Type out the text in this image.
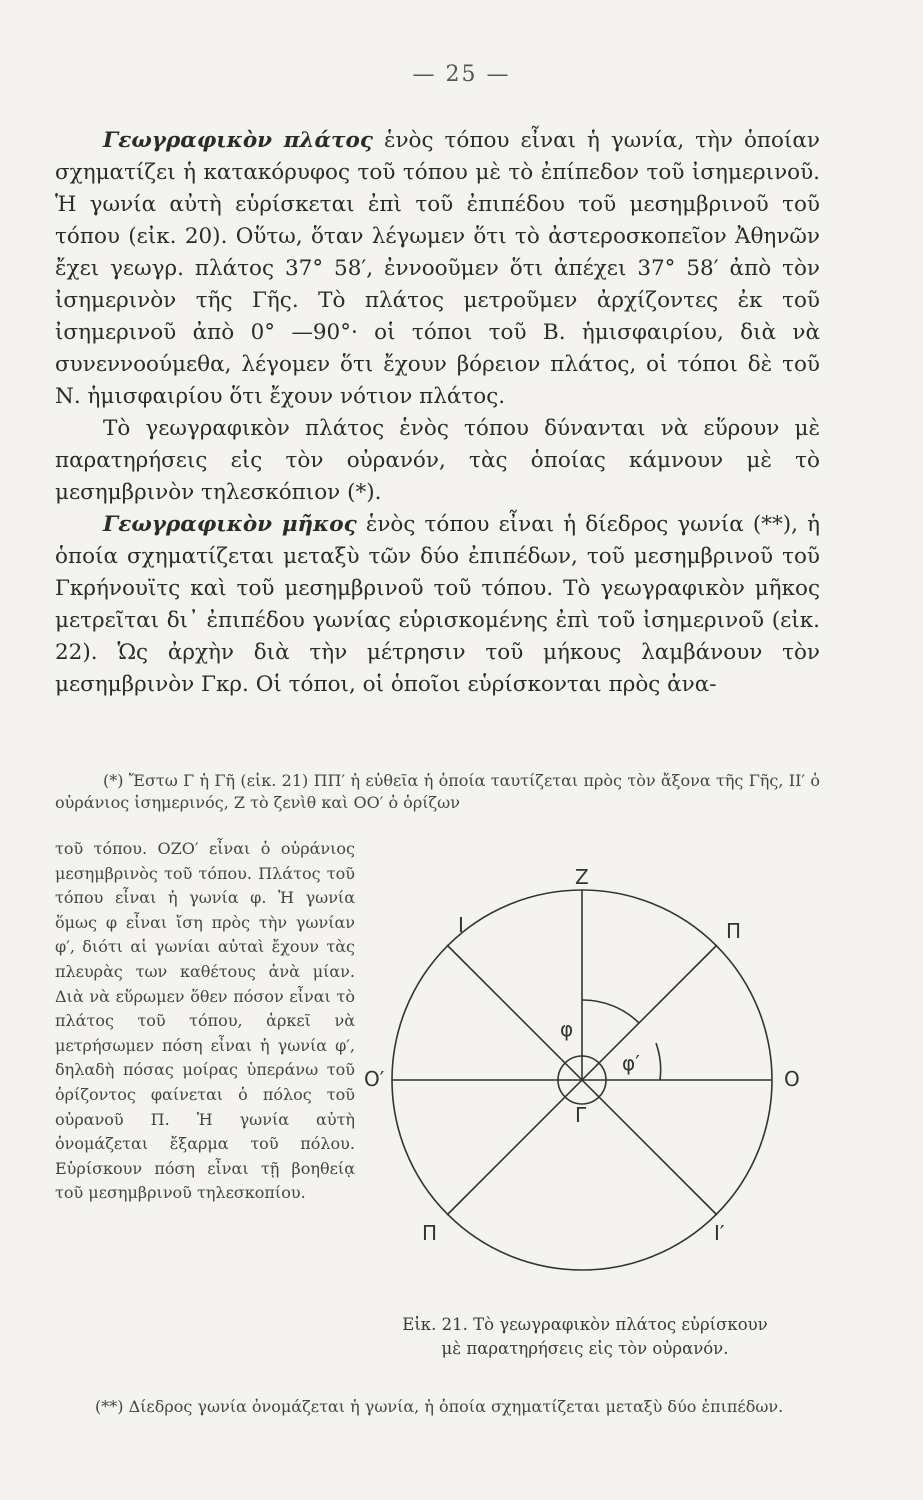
— 25 —

Γεωγραφικὸν πλάτος ἑνὸς τόπου εἶναι ἡ γωνία, τὴν ὁποίαν σχηματίζει ἡ κατακόρυφος τοῦ τόπου μὲ τὸ ἐπίπεδον τοῦ ἰσημερινοῦ. Ἡ γωνία αὐτὴ εὑρίσκεται ἐπὶ τοῦ ἐπιπέδου τοῦ μεσημβρινοῦ τοῦ τόπου (εἰκ. 20). Οὕτω, ὅταν λέγωμεν ὅτι τὸ ἀστεροσκοπεῖον Ἀθηνῶν ἔχει γεωγρ. πλάτος 37° 58′, ἐννοοῦμεν ὅτι ἀπέχει 37° 58′ ἀπὸ τὸν ἰσημερινὸν τῆς Γῆς. Τὸ πλάτος μετροῦμεν ἀρχίζοντες ἐκ τοῦ ἰσημερινοῦ ἀπὸ 0° —90°· οἱ τόποι τοῦ Β. ἡμισφαιρίου, διὰ νὰ συνεννοούμεθα, λέγομεν ὅτι ἔχουν βόρειον πλάτος, οἱ τόποι δὲ τοῦ Ν. ἡμισφαιρίου ὅτι ἔχουν νότιον πλάτος.

Τὸ γεωγραφικὸν πλάτος ἑνὸς τόπου δύνανται νὰ εὕρουν μὲ παρατηρήσεις εἰς τὸν οὐρανόν, τὰς ὁποίας κάμνουν μὲ τὸ μεσημβρινὸν τηλεσκόπιον (*).

Γεωγραφικὸν μῆκος ἑνὸς τόπου εἶναι ἡ δίεδρος γωνία (**), ἡ ὁποία σχηματίζεται μεταξὺ τῶν δύο ἐπιπέδων, τοῦ μεσημβρινοῦ τοῦ Γκρήνουϊτς καὶ τοῦ μεσημβρινοῦ τοῦ τόπου. Τὸ γεωγραφικὸν μῆκος μετρεῖται δι᾽ ἐπιπέδου γωνίας εὑρισκομένης ἐπὶ τοῦ ἰσημερινοῦ (εἰκ. 22). Ὡς ἀρχὴν διὰ τὴν μέτρησιν τοῦ μήκους λαμβάνουν τὸν μεσημβρινὸν Γκρ. Οἱ τόποι, οἱ ὁποῖοι εὑρίσκονται πρὸς ἀνα-

(*) Ἔστω Γ ἡ Γῆ (εἰκ. 21) ΠΠ′ ἡ εὐθεῖα ἡ ὁποία ταυτίζεται πρὸς τὸν ἄξονα τῆς Γῆς, ΙΙ′ ὁ οὐράνιος ἰσημερινός, Ζ τὸ ζενὶθ καὶ ΟΟ′ ὁ ὁρίζων
τοῦ τόπου. ΟΖΟ′ εἶναι ὁ οὐράνιος μεσημβρινὸς τοῦ τόπου. Πλάτος τοῦ τόπου εἶναι ἡ γωνία φ. Ἡ γωνία ὅμως φ εἶναι ἴση πρὸς τὴν γωνίαν φ′, διότι αἱ γωνίαι αὐταὶ ἔχουν τὰς πλευρὰς των καθέτους ἀνὰ μίαν. Διὰ νὰ εὕρωμεν ὅθεν πόσον εἶναι τὸ πλάτος τοῦ τόπου, ἀρκεῖ νὰ μετρήσωμεν πόση εἶναι ἡ γωνία φ′, δηλαδὴ πόσας μοίρας ὑπεράνω τοῦ ὁρίζοντος φαίνεται ὁ πόλος τοῦ οὐρανοῦ Π. Ἡ γωνία αὐτὴ ὀνομάζεται ἔξαρμα τοῦ πόλου. Εὑρίσκουν πόση εἶναι τῇ βοηθείᾳ τοῦ μεσημβρινοῦ τηλεσκοπίου.
Z
I	Π
O′	O
Γ
Π	I′
φ
φ′
Εἰκ. 21. Τὸ γεωγραφικὸν πλάτος εὑρίσκουν
μὲ παρατηρήσεις εἰς τὸν οὐρανόν.
(**) Δίεδρος γωνία ὀνομάζεται ἡ γωνία, ἡ ὁποία σχηματίζεται μεταξὺ δύο ἐπιπέδων.
